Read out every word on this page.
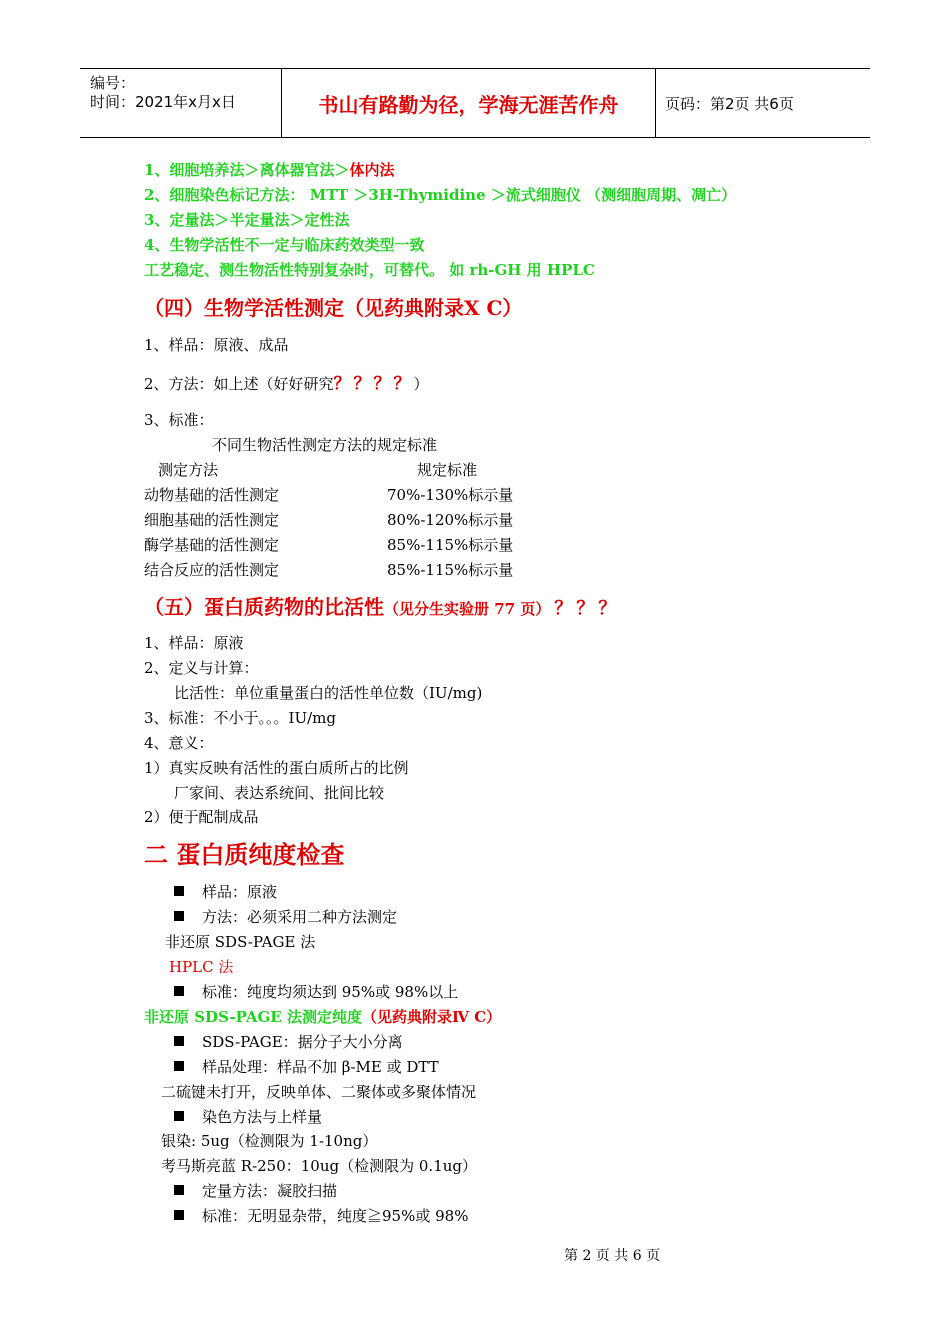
编号：
时间：2021年x月x日	书山有路勤为径，学海无涯苦作舟	页码：第2页 共6页
1、细胞培养法＞离体器官法＞体内法
2、细胞染色标记方法： MTT ＞3H-Thymidine ＞流式细胞仪 （测细胞周期、凋亡）
3、定量法＞半定量法＞定性法
4、生物学活性不一定与临床药效类型一致
工艺稳定、测生物活性特别复杂时，可替代。 如 rh-GH 用 HPLC
（四）生物学活性测定（见药典附录Ⅹ C）
1、样品：原液、成品
2、方法：如上述（好好研究？？？？）
3、标准：
不同生物活性测定方法的规定标准
测定方法	规定标准
动物基础的活性测定	70%-130%标示量
细胞基础的活性测定	80%-120%标示量
酶学基础的活性测定	85%-115%标示量
结合反应的活性测定	85%-115%标示量
（五）蛋白质药物的比活性（见分生实验册 77 页） ？？？
1、样品：原液
2、定义与计算：
比活性：单位重量蛋白的活性单位数（IU/mg)
3、标准：不小于。。。IU/mg
4、意义：
1）真实反映有活性的蛋白质所占的比例
厂家间、表达系统间、批间比较
2）便于配制成品
二 蛋白质纯度检查
样品：原液
方法：必须采用二种方法测定
非还原 SDS-PAGE 法
HPLC 法
标准：纯度均须达到 95%或 98%以上
非还原 SDS-PAGE 法测定纯度（见药典附录Ⅳ C）
SDS-PAGE：据分子大小分离
样品处理：样品不加 β-ME 或 DTT
二硫键未打开，反映单体、二聚体或多聚体情况
染色方法与上样量
银染: 5ug（检测限为 1-10ng）
考马斯亮蓝 R-250：10ug（检测限为 0.1ug）
定量方法：凝胶扫描
标准：无明显杂带，纯度≧95%或 98%
第 2 页 共 6 页
